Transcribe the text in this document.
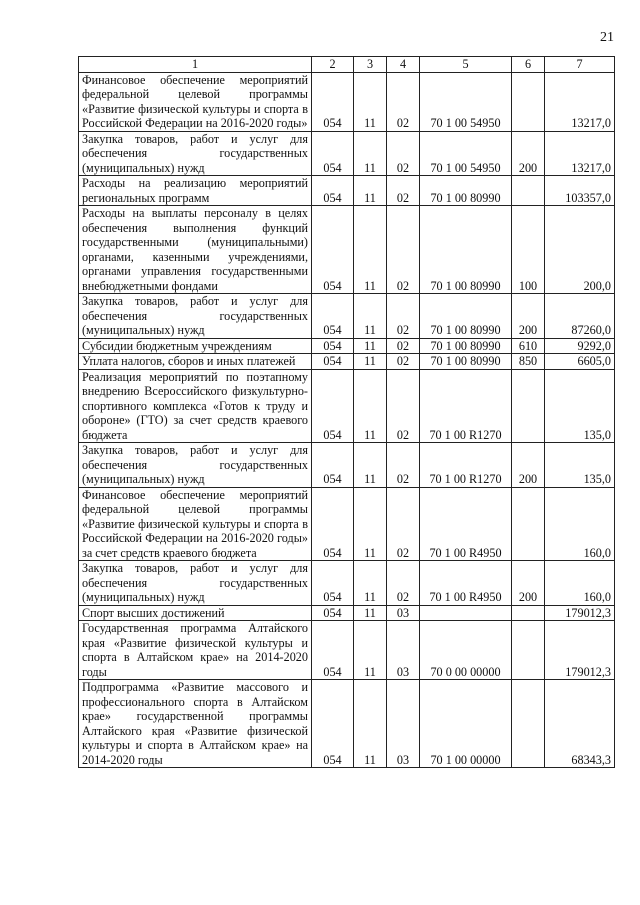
21
1	2	3	4	5	6	7
Финансовое обеспечение мероприятий федеральной целевой программы «Развитие физической культуры и спорта в Российской Федерации на 2016-2020 годы»	054	11	02	70 1 00 54950		13217,0
Закупка товаров, работ и услуг для обеспечения государственных (муниципальных) нужд	054	11	02	70 1 00 54950	200	13217,0
Расходы на реализацию мероприятий региональных программ	054	11	02	70 1 00 80990		103357,0
Расходы на выплаты персоналу в целях обеспечения выполнения функций государственными (муниципальными) органами, казенными учреждениями, органами управления государственными внебюджетными фондами	054	11	02	70 1 00 80990	100	200,0
Закупка товаров, работ и услуг для обеспечения государственных (муниципальных) нужд	054	11	02	70 1 00 80990	200	87260,0
Субсидии бюджетным учреждениям	054	11	02	70 1 00 80990	610	9292,0
Уплата налогов, сборов и иных платежей	054	11	02	70 1 00 80990	850	6605,0
Реализация мероприятий по поэтапному внедрению Всероссийского физкультурно-спортивного комплекса «Готов к труду и обороне» (ГТО) за счет средств краевого бюджета	054	11	02	70 1 00 R1270		135,0
Закупка товаров, работ и услуг для обеспечения государственных (муниципальных) нужд	054	11	02	70 1 00 R1270	200	135,0
Финансовое обеспечение мероприятий федеральной целевой программы «Развитие физической культуры и спорта в Российской Федерации на 2016-2020 годы» за счет средств краевого бюджета	054	11	02	70 1 00 R4950		160,0
Закупка товаров, работ и услуг для обеспечения государственных (муниципальных) нужд	054	11	02	70 1 00 R4950	200	160,0
Спорт высших достижений	054	11	03			179012,3
Государственная программа Алтайского края «Развитие физической культуры и спорта в Алтайском крае» на 2014-2020 годы	054	11	03	70 0 00 00000		179012,3
Подпрограмма «Развитие массового и профессионального спорта в Алтайском крае» государственной программы Алтайского края «Развитие физической культуры и спорта в Алтайском крае» на 2014-2020 годы	054	11	03	70 1 00 00000		68343,3
